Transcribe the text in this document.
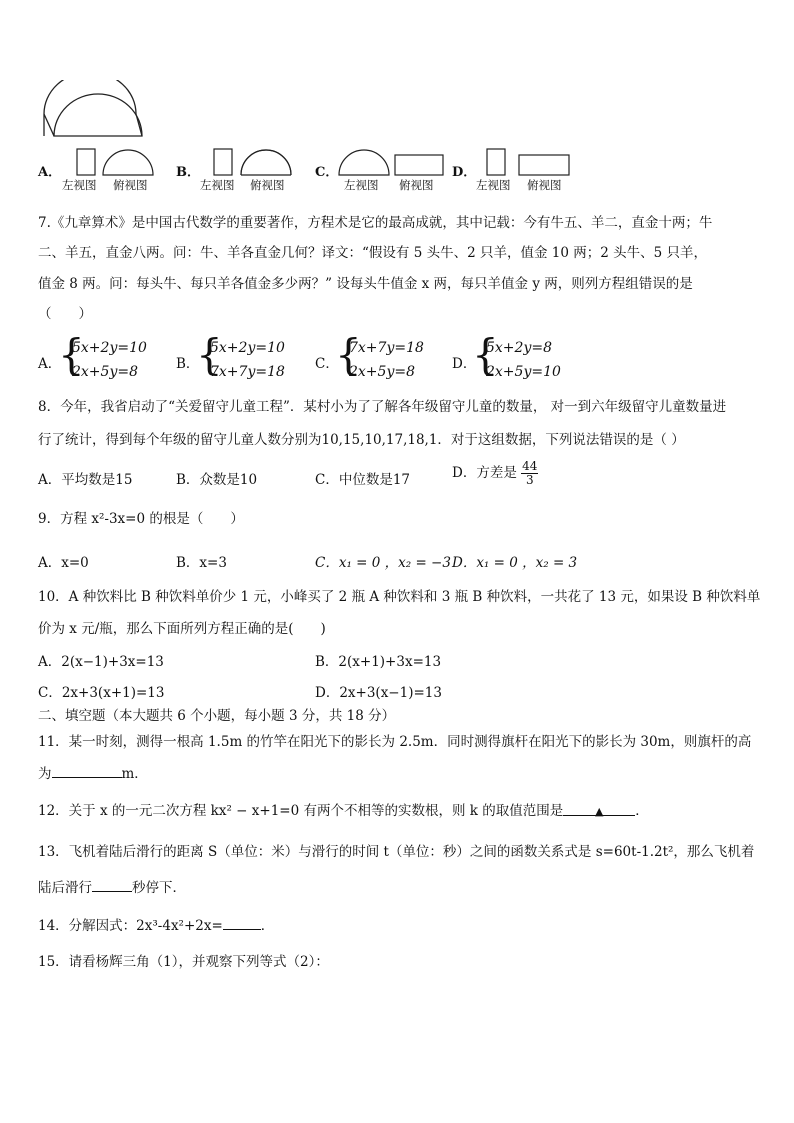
A．
左视图 俯视图
B．
左视图 俯视图
C．
左视图 俯视图
D．
左视图 俯视图
7.《九章算术》是中国古代数学的重要著作，方程术是它的最高成就，其中记载：今有牛五、羊二，直金十两；牛
二、羊五，直金八两。问：牛、羊各直金几何？译文：“假设有 5 头牛、2 只羊，值金 10 两；2 头牛、5 只羊，
值金 8 两。问：每头牛、每只羊各值金多少两？” 设每头牛值金 x 两，每只羊值金 y 两，则列方程组错误的是
（　　）
A．
{
5x+2y=10
2x+5y=8	B．
{
5x+2y=10
7x+7y=18 C．
{
7x+7y=18
2x+5y=8	D．
{
5x+2y=8
2x+5y=10
8．今年，我省启动了“关爱留守儿童工程”．某村小为了了解各年级留守儿童的数量， 对一到六年级留守儿童数量进
行了统计，得到每个年级的留守儿童人数分别为10,15,10,17,18,1．对于这组数据，下列说法错误的是（ ）
A．平均数是15	B．众数是10	C．中位数是17	D．方差是 $\frac{44}{3}$
9．方程 x²-3x=0 的根是（　　）
A．x=0	B．x=3	C．x₁ = 0 ，x₂ = −3 D．x₁ = 0 ，x₂ = 3
10．A 种饮料比 B 种饮料单价少 1 元，小峰买了 2 瓶 A 种饮料和 3 瓶 B 种饮料，一共花了 13 元，如果设 B 种饮料单
价为 x 元/瓶，那么下面所列方程正确的是(　　)
A．2(x−1)+3x=13	B．2(x+1)+3x=13
C．2x+3(x+1)=13	D．2x+3(x−1)=13
二、填空题（本大题共 6 个小题，每小题 3 分，共 18 分）
11．某一时刻，测得一根高 1.5m 的竹竿在阳光下的影长为 2.5m．同时测得旗杆在阳光下的影长为 30m，则旗杆的高
为	m．
12．关于 x 的一元二次方程 kx² − x+1=0 有两个不相等的实数根，则 k 的取值范围是	▲ ．
13．飞机着陆后滑行的距离 S（单位：米）与滑行的时间 t（单位：秒）之间的函数关系式是 s=60t-1.2t²，那么飞机着
陆后滑行	秒停下．
14．分解因式：2x³-4x²+2x=	．
15．请看杨辉三角（1），并观察下列等式（2）：
